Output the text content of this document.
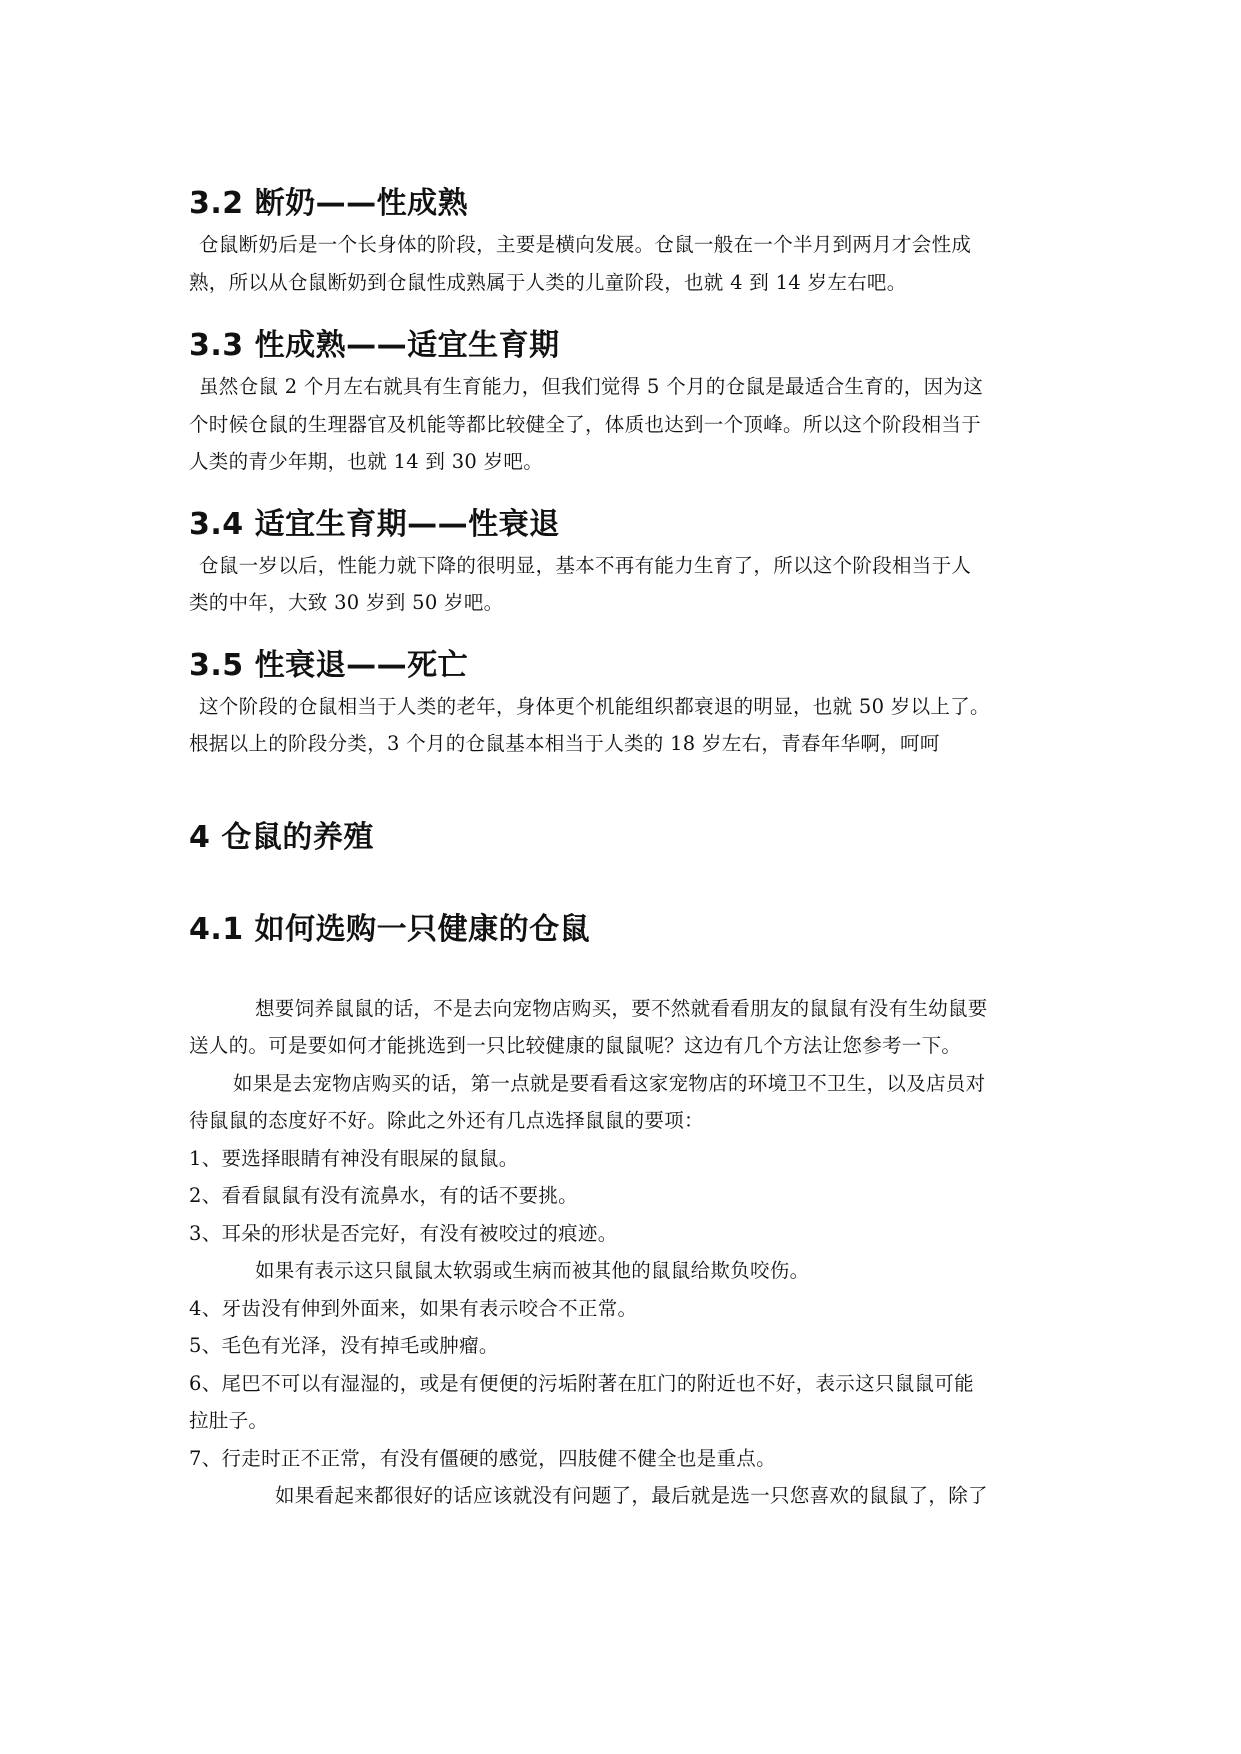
3.2 断奶——性成熟

仓鼠断奶后是一个长身体的阶段，主要是横向发展。仓鼠一般在一个半月到两月才会性成

熟，所以从仓鼠断奶到仓鼠性成熟属于人类的儿童阶段，也就 4 到 14 岁左右吧。

3.3 性成熟——适宜生育期

虽然仓鼠 2 个月左右就具有生育能力，但我们觉得 5 个月的仓鼠是最适合生育的，因为这

个时候仓鼠的生理器官及机能等都比较健全了，体质也达到一个顶峰。所以这个阶段相当于

人类的青少年期，也就 14 到 30 岁吧。

3.4 适宜生育期——性衰退

仓鼠一岁以后，性能力就下降的很明显，基本不再有能力生育了，所以这个阶段相当于人

类的中年，大致 30 岁到 50 岁吧。

3.5 性衰退——死亡

这个阶段的仓鼠相当于人类的老年，身体更个机能组织都衰退的明显，也就 50 岁以上了。

根据以上的阶段分类，3 个月的仓鼠基本相当于人类的 18 岁左右，青春年华啊，呵呵

4 仓鼠的养殖
4.1 如何选购一只健康的仓鼠

想要饲养鼠鼠的话，不是去向宠物店购买，要不然就看看朋友的鼠鼠有没有生幼鼠要

送人的。可是要如何才能挑选到一只比较健康的鼠鼠呢？这边有几个方法让您参考一下。

如果是去宠物店购买的话，第一点就是要看看这家宠物店的环境卫不卫生，以及店员对

待鼠鼠的态度好不好。除此之外还有几点选择鼠鼠的要项：

1、要选择眼睛有神没有眼屎的鼠鼠。

2、看看鼠鼠有没有流鼻水，有的话不要挑。

3、耳朵的形状是否完好，有没有被咬过的痕迹。

如果有表示这只鼠鼠太软弱或生病而被其他的鼠鼠给欺负咬伤。

4、牙齿没有伸到外面来，如果有表示咬合不正常。

5、毛色有光泽，没有掉毛或肿瘤。

6、尾巴不可以有湿湿的，或是有便便的污垢附著在肛门的附近也不好，表示这只鼠鼠可能

拉肚子。

7、行走时正不正常，有没有僵硬的感觉，四肢健不健全也是重点。

如果看起来都很好的话应该就没有问题了，最后就是选一只您喜欢的鼠鼠了，除了
